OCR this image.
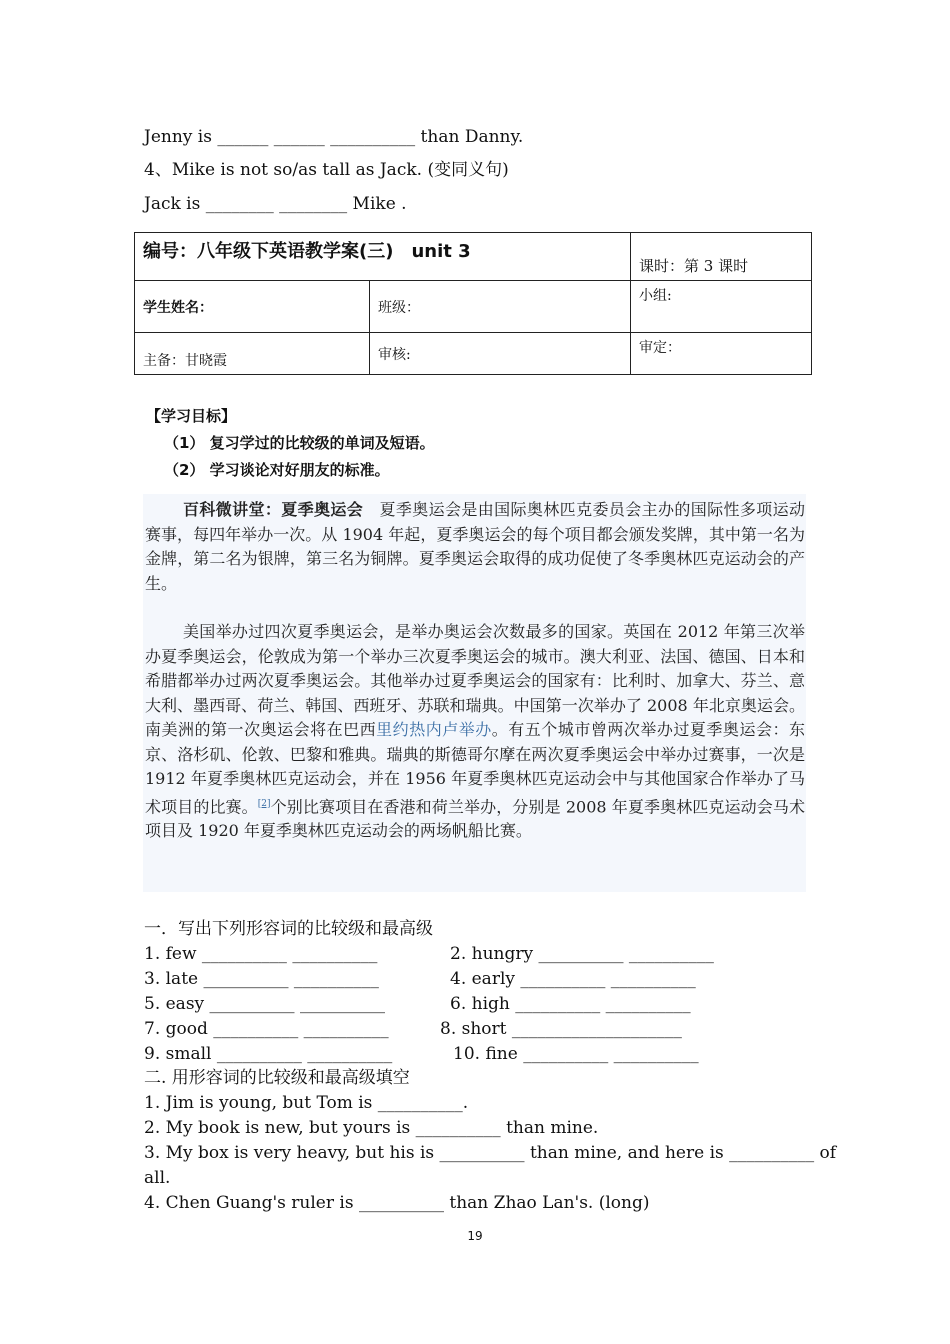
Jenny is ______ ______ __________ than Danny.
4、Mike is not so/as tall as Jack. (变同义句)
Jack is ________ ________ Mike .
编号：八年级下英语教学案(三)　unit 3		课时：第 3 课时
学生姓名：	班级：	小组:
主备：甘晓霞	审核:	审定：
【学习目标】
（1） 复习学过的比较级的单词及短语。
（2） 学习谈论对好朋友的标准。

百科微讲堂：夏季奥运会　夏季奥运会是由国际奥林匹克委员会主办的国际性多项运动赛事，每四年举办一次。从 1904 年起，夏季奥运会的每个项目都会颁发奖牌，其中第一名为金牌，第二名为银牌，第三名为铜牌。夏季奥运会取得的成功促使了冬季奥林匹克运动会的产生。

美国举办过四次夏季奥运会，是举办奥运会次数最多的国家。英国在 2012 年第三次举办夏季奥运会，伦敦成为第一个举办三次夏季奥运会的城市。澳大利亚、法国、德国、日本和希腊都举办过两次夏季奥运会。其他举办过夏季奥运会的国家有：比利时、加拿大、芬兰、意大利、墨西哥、荷兰、韩国、西班牙、苏联和瑞典。中国第一次举办了 2008 年北京奥运会。南美洲的第一次奥运会将在巴西里约热内卢举办。有五个城市曾两次举办过夏季奥运会：东京、洛杉矶、伦敦、巴黎和雅典。瑞典的斯德哥尔摩在两次夏季奥运会中举办过赛事，一次是 1912 年夏季奥林匹克运动会，并在 1956 年夏季奥林匹克运动会中与其他国家合作举办了马术项目的比赛。[2]个别比赛项目在香港和荷兰举办，分别是 2008 年夏季奥林匹克运动会马术项目及 1920 年夏季奥林匹克运动会的两场帆船比赛。

一．写出下列形容词的比较级和最高级
1. few __________ __________	2. hungry __________ __________
3. late __________ __________	4. early __________ __________
5. easy __________ __________	6. high __________ __________
7. good __________ __________	8. short ____________________
9. small __________ __________	10. fine __________ __________
二. 用形容词的比较级和最高级填空
1. Jim is young, but Tom is __________.
2. My book is new, but yours is __________ than mine.
3. My box is very heavy, but his is __________ than mine, and here is __________ of
all.
4. Chen Guang's ruler is __________ than Zhao Lan's. (long)
19
